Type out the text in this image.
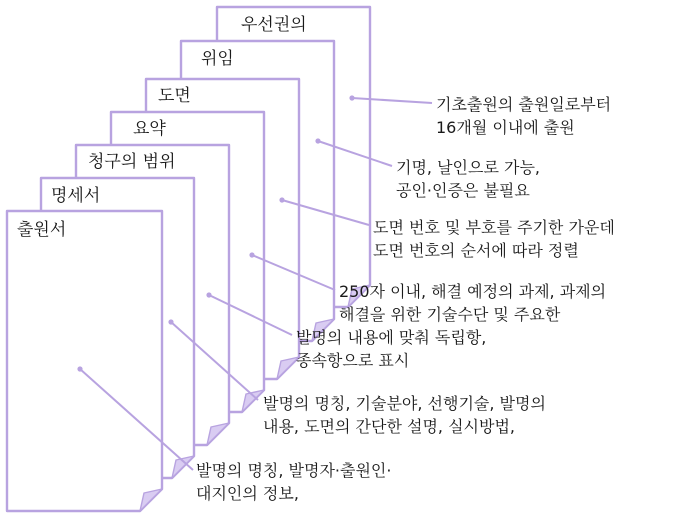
우선권의
위임
도면
요약
청구의 범위
명세서
출원서
발명의 명칭, 발명자·출원인·
대지인의 정보,
발명의 명칭, 기술분야, 선행기술, 발명의
내용, 도면의 간단한 설명, 실시방법,
발명의 내용에 맞춰 독립항,
종속항으로 표시
250자 이내, 해결 예정의 과제, 과제의
해결을 위한 기술수단 및 주요한
도면 번호 및 부호를 주기한 가운데
도면 번호의 순서에 따라 정렬
기명, 날인으로 가능,
공인·인증은 불필요
기초출원의 출원일로부터
16개월 이내에 출원
